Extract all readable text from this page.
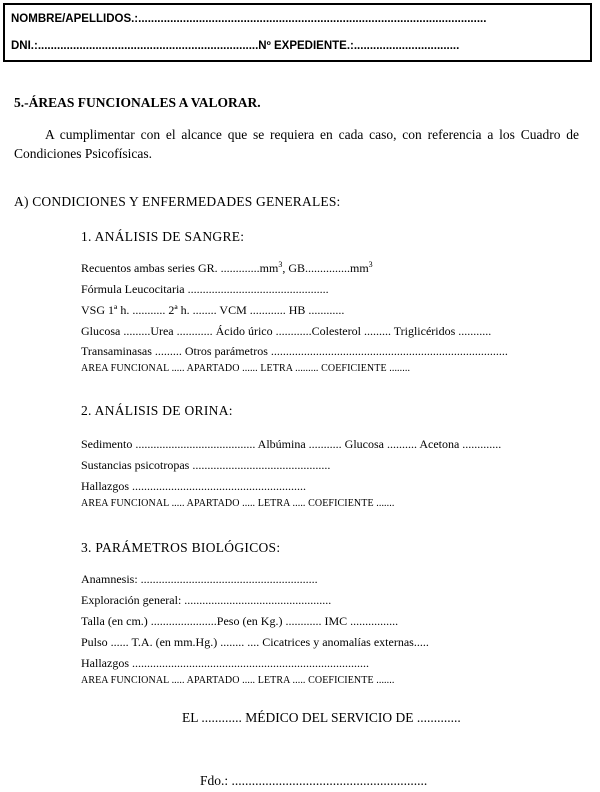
NOMBRE/APELLIDOS.:.............................................................................................................
DNI.:.....................................................................Nº EXPEDIENTE.:.................................
5.-ÁREAS FUNCIONALES A VALORAR.
A cumplimentar con el alcance que se requiera en cada caso, con referencia a los Cuadro de Condiciones Psicofísicas.
A) CONDICIONES Y ENFERMEDADES GENERALES:
1. ANÁLISIS DE SANGRE:
Recuentos ambas series GR. $.............mm^3$, $GB...............mm^3$
Fórmula Leucocitaria ...............................................
VSG 1ª h. ........... 2ª h. ........ VCM ............ HB ............
Glucosa .........Urea ............ Ácido úrico ............Colesterol ......... Triglicéridos ...........
Transaminasas ......... Otros parámetros ...............................................................................
AREA FUNCIONAL ..... APARTADO ...... LETRA ......... COEFICIENTE ........
2. ANÁLISIS DE ORINA:
Sedimento ........................................ Albúmina ........... Glucosa .......... Acetona .............
Sustancias psicotropas ..............................................
Hallazgos ..........................................................
AREA FUNCIONAL ..... APARTADO ..... LETRA ..... COEFICIENTE .......
3. PARÁMETROS BIOLÓGICOS:
Anamnesis: ...........................................................
Exploración general: .................................................
Talla (en cm.) ......................Peso (en Kg.) ............ IMC ................
Pulso ...... T.A. (en mm.Hg.) ........ .... Cicatrices y anomalías externas.....
Hallazgos ...............................................................................
AREA FUNCIONAL ..... APARTADO ..... LETRA ..... COEFICIENTE .......
EL ............ MÉDICO DEL SERVICIO DE .............
Fdo.: ..........................................................
